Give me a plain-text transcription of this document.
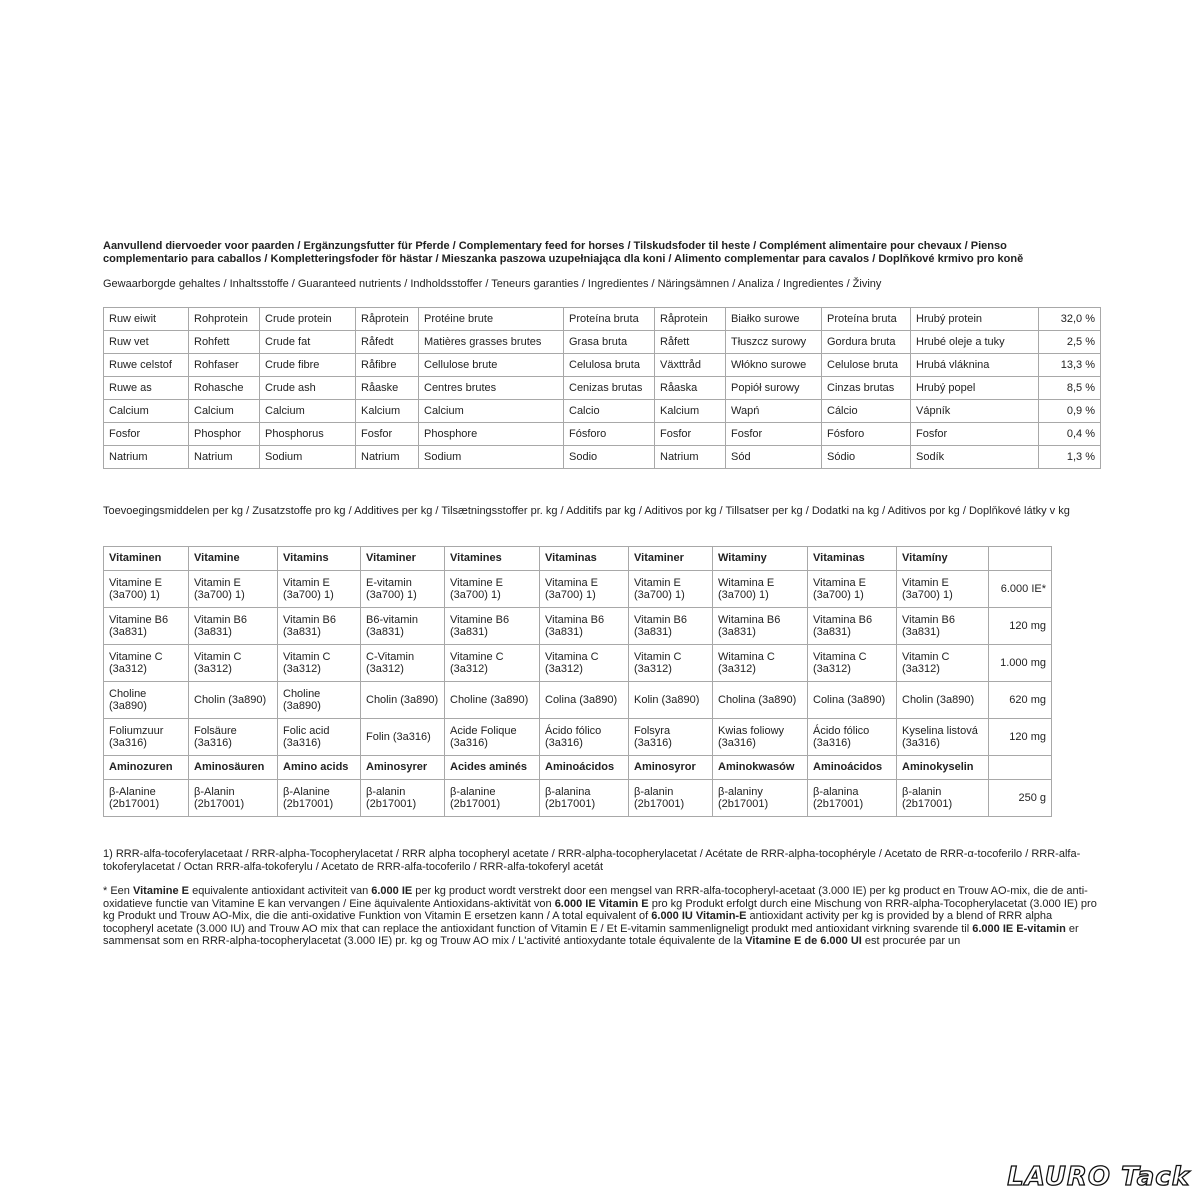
Aanvullend diervoeder voor paarden / Ergänzungsfutter für Pferde / Complementary feed for horses / Tilskudsfoder til heste / Complément alimentaire pour chevaux / Pienso complementario para caballos / Kompletteringsfoder för hästar / Mieszanka paszowa uzupełniająca dla koni / Alimento complementar para cavalos / Doplňkové krmivo pro koně

Gewaarborgde gehaltes / Inhaltsstoffe / Guaranteed nutrients / Indholdsstoffer / Teneurs garanties / Ingredientes / Näringsämnen / Analiza / Ingredientes / Živiny

Ruw eiwit	Rohprotein	Crude protein	Råprotein	Protéine brute	Proteína bruta	Råprotein	Białko surowe	Proteína bruta	Hrubý protein	32,0 %
Ruw vet	Rohfett	Crude fat	Råfedt	Matières grasses brutes	Grasa bruta	Råfett	Tłuszcz surowy	Gordura bruta	Hrubé oleje a tuky	2,5 %
Ruwe celstof	Rohfaser	Crude fibre	Råfibre	Cellulose brute	Celulosa bruta	Växttråd	Włókno surowe	Celulose bruta	Hrubá vláknina	13,3 %
Ruwe as	Rohasche	Crude ash	Råaske	Centres brutes	Cenizas brutas	Råaska	Popiół surowy	Cinzas brutas	Hrubý popel	8,5 %
Calcium	Calcium	Calcium	Kalcium	Calcium	Calcio	Kalcium	Wapń	Cálcio	Vápník	0,9 %
Fosfor	Phosphor	Phosphorus	Fosfor	Phosphore	Fósforo	Fosfor	Fosfor	Fósforo	Fosfor	0,4 %
Natrium	Natrium	Sodium	Natrium	Sodium	Sodio	Natrium	Sód	Sódio	Sodík	1,3 %

Toevoegingsmiddelen per kg / Zusatzstoffe pro kg / Additives per kg / Tilsætningsstoffer pr. kg / Additifs par kg / Aditivos por kg / Tillsatser per kg / Dodatki na kg / Aditivos por kg / Doplňkové látky v kg

Vitaminen	Vitamine	Vitamins	Vitaminer	Vitamines	Vitaminas	Vitaminer	Witaminy	Vitaminas	Vitamíny	
Vitamine E (3a700) 1)	Vitamin E (3a700) 1)	Vitamin E (3a700) 1)	E-vitamin (3a700) 1)	Vitamine E (3a700) 1)	Vitamina E (3a700) 1)	Vitamin E (3a700) 1)	Witamina E (3a700) 1)	Vitamina E (3a700) 1)	Vitamin E (3a700) 1)	6.000 IE*
Vitamine B6 (3a831)	Vitamin B6 (3a831)	Vitamin B6 (3a831)	B6-vitamin (3a831)	Vitamine B6 (3a831)	Vitamina B6 (3a831)	Vitamin B6 (3a831)	Witamina B6 (3a831)	Vitamina B6 (3a831)	Vitamin B6 (3a831)	120 mg
Vitamine C (3a312)	Vitamin C (3a312)	Vitamin C (3a312)	C-Vitamin (3a312)	Vitamine C (3a312)	Vitamina C (3a312)	Vitamin C (3a312)	Witamina C (3a312)	Vitamina C (3a312)	Vitamin C (3a312)	1.000 mg
Choline (3a890)	Cholin (3a890)	Choline (3a890)	Cholin (3a890)	Choline (3a890)	Colina (3a890)	Kolin (3a890)	Cholina (3a890)	Colina (3a890)	Cholin (3a890)	620 mg
Foliumzuur (3a316)	Folsäure (3a316)	Folic acid (3a316)	Folin (3a316)	Acide Folique (3a316)	Ácido fólico (3a316)	Folsyra (3a316)	Kwias foliowy (3a316)	Ácido fólico (3a316)	Kyselina listová (3a316)	120 mg
Aminozuren	Aminosäuren	Amino acids	Aminosyrer	Acides aminés	Aminoácidos	Aminosyror	Aminokwasów	Aminoácidos	Aminokyselin	
β-Alanine (2b17001)	β-Alanin (2b17001)	β-Alanine (2b17001)	β-alanin (2b17001)	β-alanine (2b17001)	β-alanina (2b17001)	β-alanin (2b17001)	β-alaniny (2b17001)	β-alanina (2b17001)	β-alanin (2b17001)	250 g

1) RRR-alfa-tocoferylacetaat / RRR-alpha-Tocopherylacetat / RRR alpha tocopheryl acetate / RRR-alpha-tocopherylacetat / Acétate de RRR-alpha-tocophéryle / Acetato de RRR-α-tocoferilo / RRR-alfa-tokoferylacetat / Octan RRR-alfa-tokoferylu / Acetato de RRR-alfa-tocoferilo / RRR-alfa-tokoferyl acetát

* Een Vitamine E equivalente antioxidant activiteit van 6.000 IE per kg product wordt verstrekt door een mengsel van RRR-alfa-tocopheryl-acetaat (3.000 IE) per kg product en Trouw AO-mix, die de anti-oxidatieve functie van Vitamine E kan vervangen / Eine äquivalente Antioxidans-aktivität von 6.000 IE Vitamin E pro kg Produkt erfolgt durch eine Mischung von RRR-alpha-Tocopherylacetat (3.000 IE) pro kg Produkt und Trouw AO-Mix, die die anti-oxidative Funktion von Vitamin E ersetzen kann / A total equivalent of 6.000 IU Vitamin-E antioxidant activity per kg is provided by a blend of RRR alpha tocopheryl acetate (3.000 IU) and Trouw AO mix that can replace the antioxidant function of Vitamin E / Et E-vitamin sammenligneligt produkt med antioxidant virkning svarende til 6.000 IE E-vitamin er sammensat som en RRR-alpha-tocopherylacetat (3.000 IE) pr. kg og Trouw AO mix / L'activité antioxydante totale équivalente de la Vitamine E de 6.000 UI est procurée par un

LAURO Tack
